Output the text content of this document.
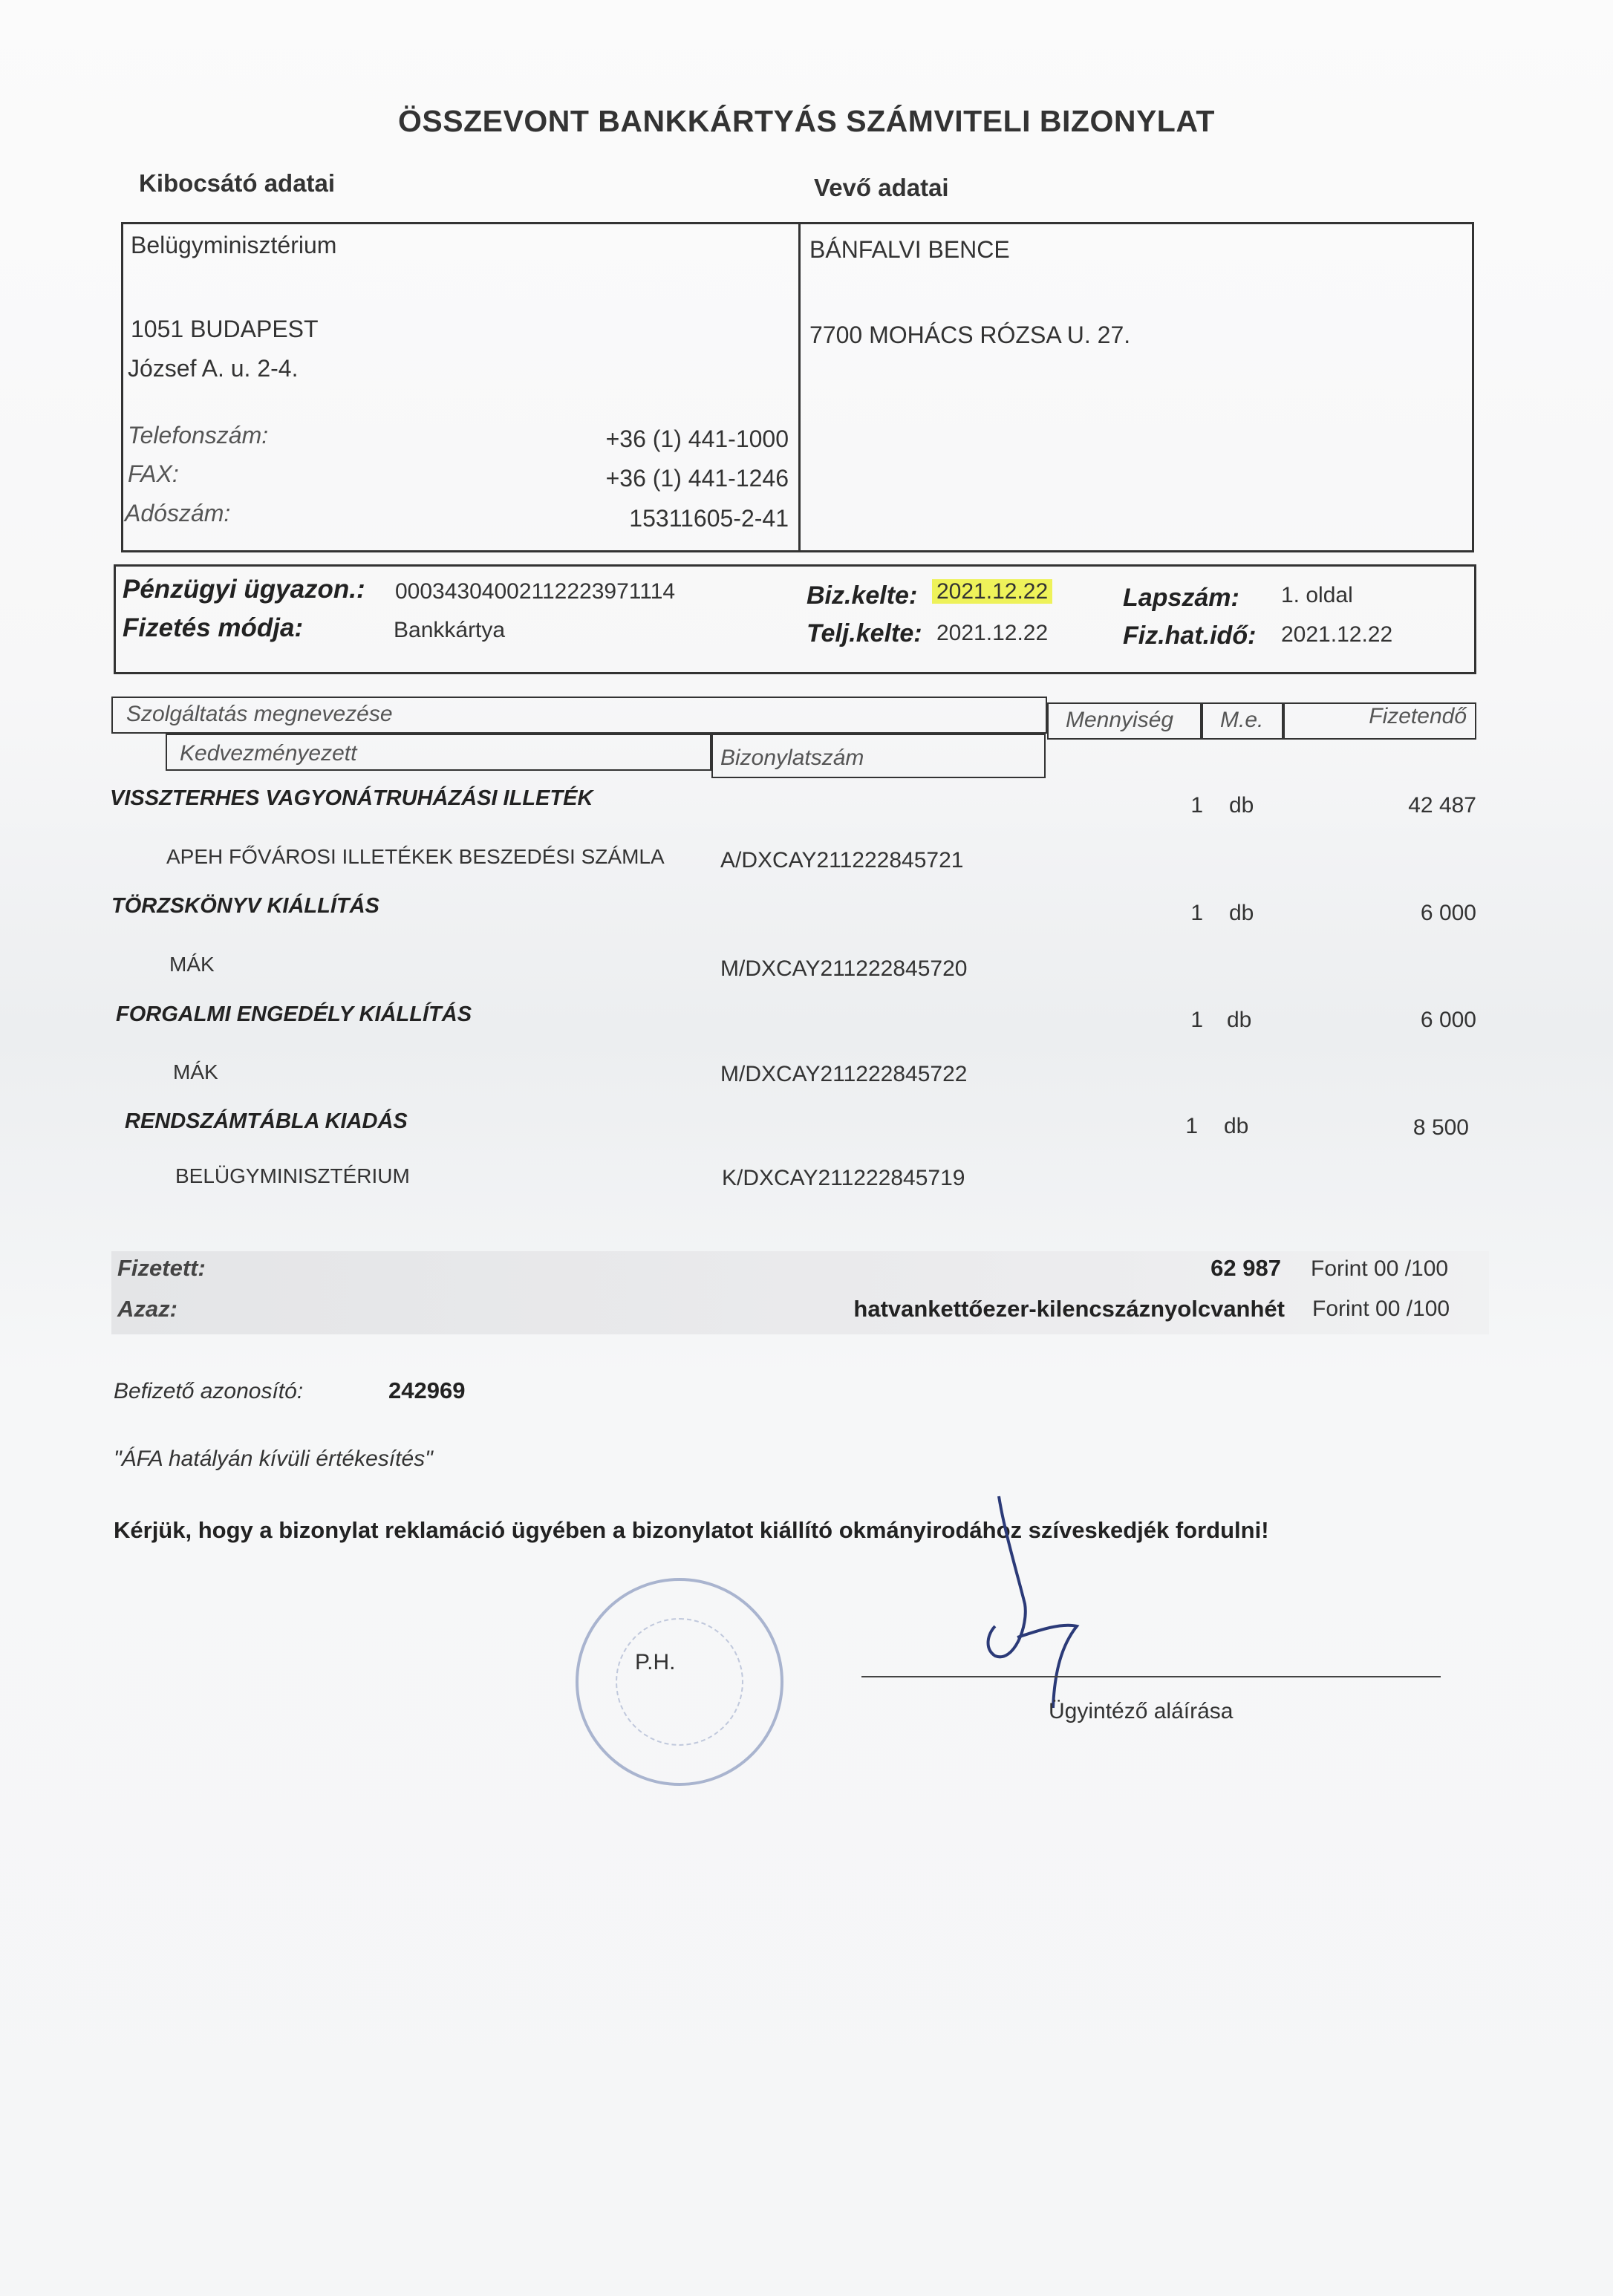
ÖSSZEVONT BANKKÁRTYÁS SZÁMVITELI BIZONYLAT
Kibocsátó adatai	Vevő adatai
Belügyminisztérium
1051 BUDAPEST
József A. u. 2-4.
Telefonszám:	+36 (1) 441-1000
FAX:	+36 (1) 441-1246
Adószám:	15311605-2-41
BÁNFALVI BENCE
7700 MOHÁCS RÓZSA U. 27.
Pénzügyi ügyazon.: 00034304002112223971114
Fizetés módja:	Bankkártya
Biz.kelte: 2021.12.22
Telj.kelte: 2021.12.22
Lapszám: 1. oldal
Fiz.hat.idő: 2021.12.22
Szolgáltatás megnevezése	Mennyiség M.e.	Fizetendő
Kedvezményezett	Bizonylatszám
VISSZTERHES VAGYONÁTRUHÁZÁSI ILLETÉK	1 db	42 487
APEH FŐVÁROSI ILLETÉKEK BESZEDÉSI SZÁMLA	A/DXCAY211222845721
TÖRZSKÖNYV KIÁLLÍTÁS	1 db	6 000
MÁK	M/DXCAY211222845720
FORGALMI ENGEDÉLY KIÁLLÍTÁS	1 db	6 000
MÁK	M/DXCAY211222845722
RENDSZÁMTÁBLA KIADÁS	1 db	8 500
BELÜGYMINISZTÉRIUM	K/DXCAY211222845719
Fizetett:	62 987 Forint 00 /100
Azaz:	hatvankettőezer-kilencszáznyolcvanhét Forint 00 /100
Befizető azonosító:	242969
"ÁFA hatályán kívüli értékesítés"
Kérjük, hogy a bizonylat reklamáció ügyében a bizonylatot kiállító okmányirodához szíveskedjék fordulni!
P.H.
Ügyintéző aláírása
